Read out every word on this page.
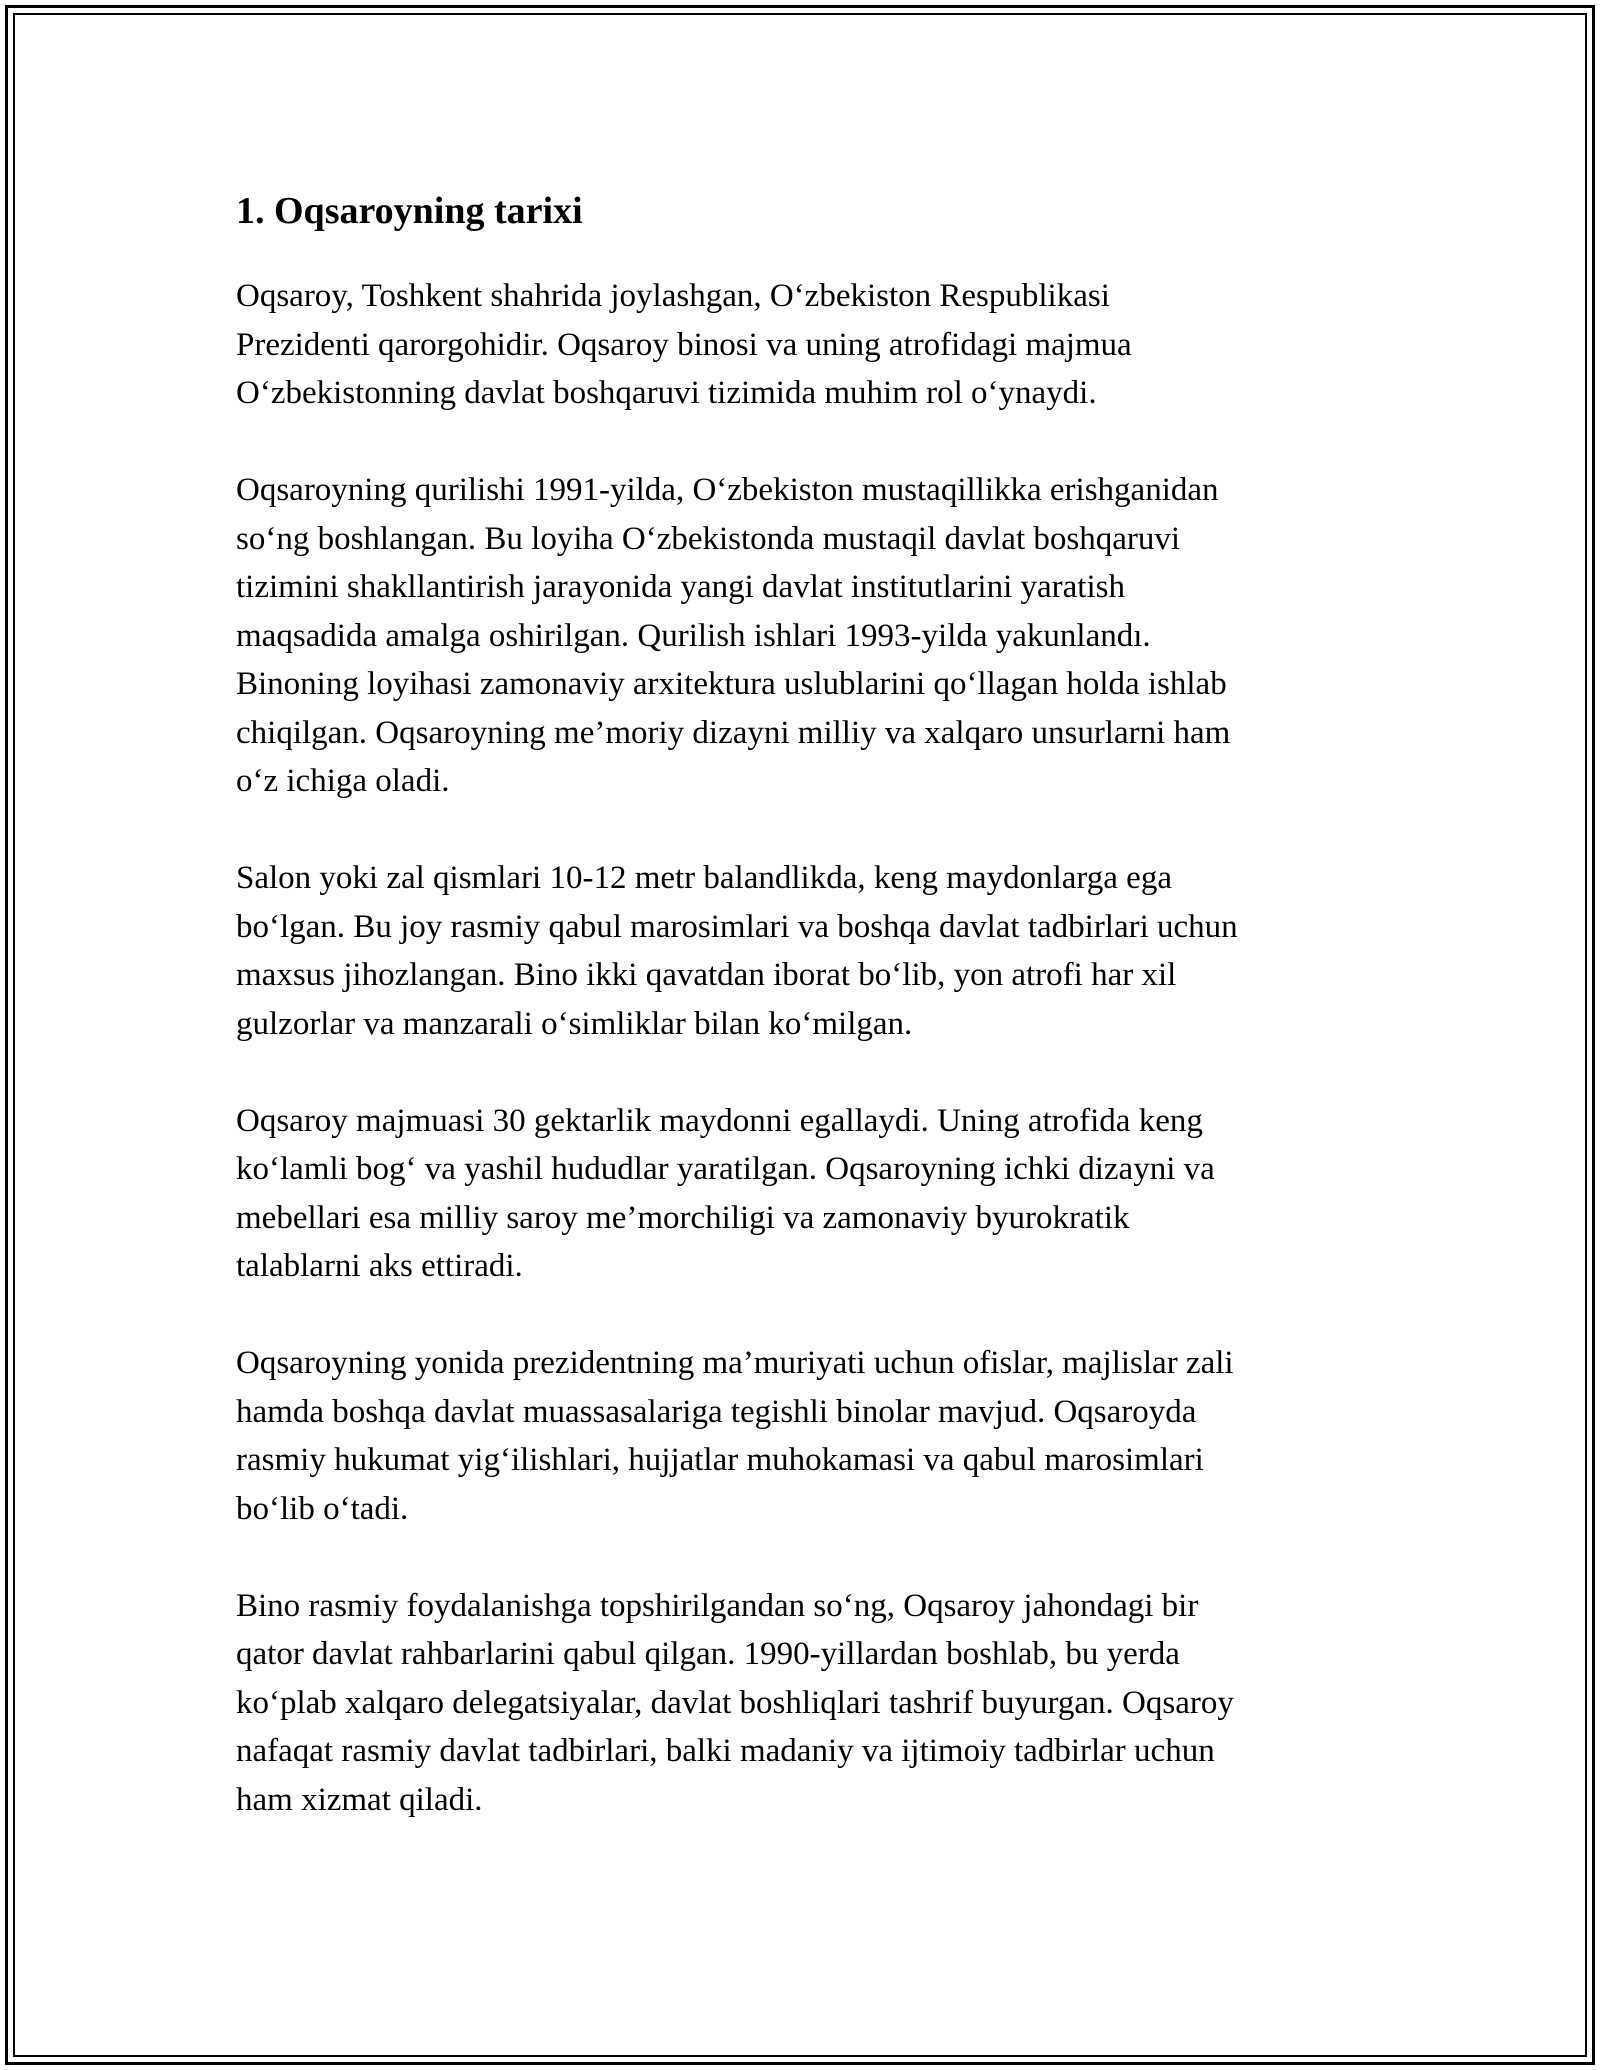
1. Oqsaroyning tarixi

Oqsaroy, Toshkent shahrida joylashgan, O‘zbekiston Respublikasi
Prezidenti qarorgohidir. Oqsaroy binosi va uning atrofidagi majmua
O‘zbekistonning davlat boshqaruvi tizimida muhim rol o‘ynaydi.

Oqsaroyning qurilishi 1991-yilda, O‘zbekiston mustaqillikka erishganidan
so‘ng boshlangan. Bu loyiha O‘zbekistonda mustaqil davlat boshqaruvi
tizimini shakllantirish jarayonida yangi davlat institutlarini yaratish
maqsadida amalga oshirilgan. Qurilish ishlari 1993-yilda yakunlandı.
Binoning loyihasi zamonaviy arxitektura uslublarini qo‘llagan holda ishlab
chiqilgan. Oqsaroyning me’moriy dizayni milliy va xalqaro unsurlarni ham
o‘z ichiga oladi.

Salon yoki zal qismlari 10-12 metr balandlikda, keng maydonlarga ega
bo‘lgan. Bu joy rasmiy qabul marosimlari va boshqa davlat tadbirlari uchun
maxsus jihozlangan. Bino ikki qavatdan iborat bo‘lib, yon atrofi har xil
gulzorlar va manzarali o‘simliklar bilan ko‘milgan.

Oqsaroy majmuasi 30 gektarlik maydonni egallaydi. Uning atrofida keng
ko‘lamli bog‘ va yashil hududlar yaratilgan. Oqsaroyning ichki dizayni va
mebellari esa milliy saroy me’morchiligi va zamonaviy byurokratik
talablarni aks ettiradi.

Oqsaroyning yonida prezidentning ma’muriyati uchun ofislar, majlislar zali
hamda boshqa davlat muassasalariga tegishli binolar mavjud. Oqsaroyda
rasmiy hukumat yig‘ilishlari, hujjatlar muhokamasi va qabul marosimlari
bo‘lib o‘tadi.

Bino rasmiy foydalanishga topshirilgandan so‘ng, Oqsaroy jahondagi bir
qator davlat rahbarlarini qabul qilgan. 1990-yillardan boshlab, bu yerda
ko‘plab xalqaro delegatsiyalar, davlat boshliqlari tashrif buyurgan. Oqsaroy
nafaqat rasmiy davlat tadbirlari, balki madaniy va ijtimoiy tadbirlar uchun
ham xizmat qiladi.
